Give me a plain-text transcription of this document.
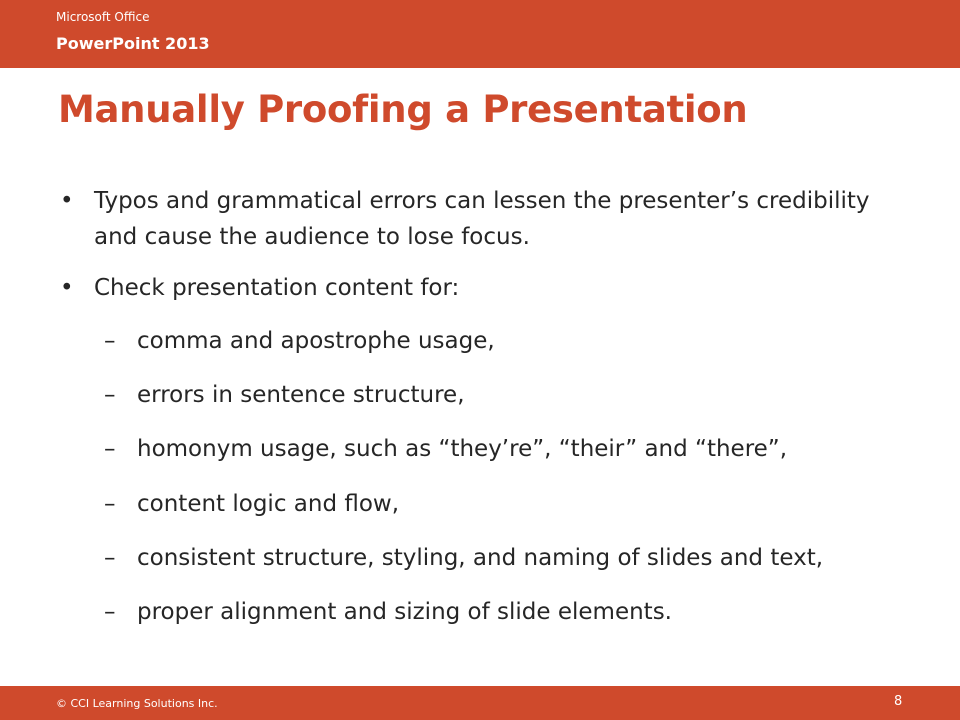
Microsoft Office
PowerPoint 2013
Manually Proofing a Presentation
• Typos and grammatical errors can lessen the presenter’s credibility and cause the audience to lose focus.
• Check presentation content for:
– comma and apostrophe usage,
– errors in sentence structure,
– homonym usage, such as “they’re”, “their” and “there”,
– content logic and flow,
– consistent structure, styling, and naming of slides and text,
– proper alignment and sizing of slide elements.
© CCI Learning Solutions Inc.	8
